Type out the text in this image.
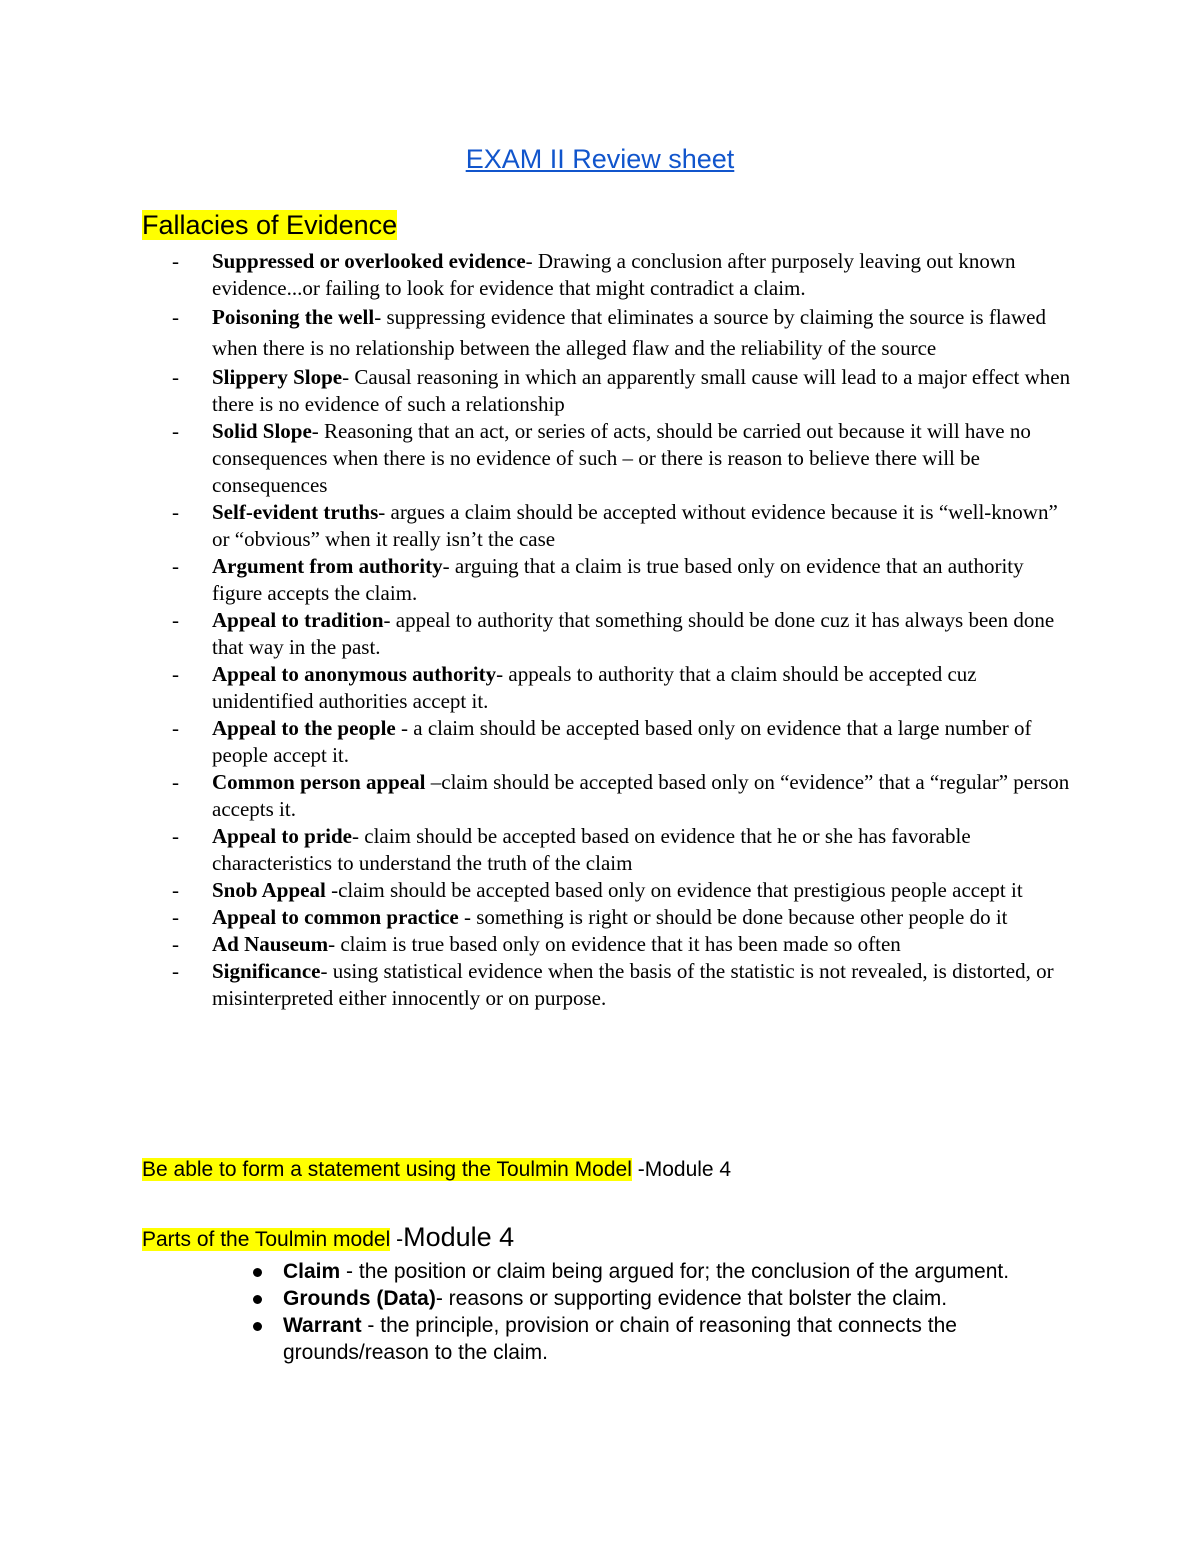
EXAM II Review sheet
Fallacies of Evidence
- Suppressed or overlooked evidence- Drawing a conclusion after purposely leaving out known evidence...or failing to look for evidence that might contradict a claim.
- Poisoning the well- suppressing evidence that eliminates a source by claiming the source is flawed when there is no relationship between the alleged flaw and the reliability of the source
- Slippery Slope- Causal reasoning in which an apparently small cause will lead to a major effect when there is no evidence of such a relationship
- Solid Slope- Reasoning that an act, or series of acts, should be carried out because it will have no consequences when there is no evidence of such – or there is reason to believe there will be consequences
- Self-evident truths- argues a claim should be accepted without evidence because it is “well-known” or “obvious” when it really isn’t the case
- Argument from authority- arguing that a claim is true based only on evidence that an authority figure accepts the claim.
- Appeal to tradition- appeal to authority that something should be done cuz it has always been done that way in the past.
- Appeal to anonymous authority- appeals to authority that a claim should be accepted cuz unidentified authorities accept it.
- Appeal to the people - a claim should be accepted based only on evidence that a large number of people accept it.
- Common person appeal –claim should be accepted based only on “evidence” that a “regular” person accepts it.
- Appeal to pride- claim should be accepted based on evidence that he or she has favorable characteristics to understand the truth of the claim
- Snob Appeal -claim should be accepted based only on evidence that prestigious people accept it
- Appeal to common practice - something is right or should be done because other people do it
- Ad Nauseum- claim is true based only on evidence that it has been made so often
- Significance- using statistical evidence when the basis of the statistic is not revealed, is distorted, or misinterpreted either innocently or on purpose.
Be able to form a statement using the Toulmin Model -Module 4
Parts of the Toulmin model -Module 4
Claim - the position or claim being argued for; the conclusion of the argument.
Grounds (Data)- reasons or supporting evidence that bolster the claim.
Warrant - the principle, provision or chain of reasoning that connects the grounds/reason to the claim.
